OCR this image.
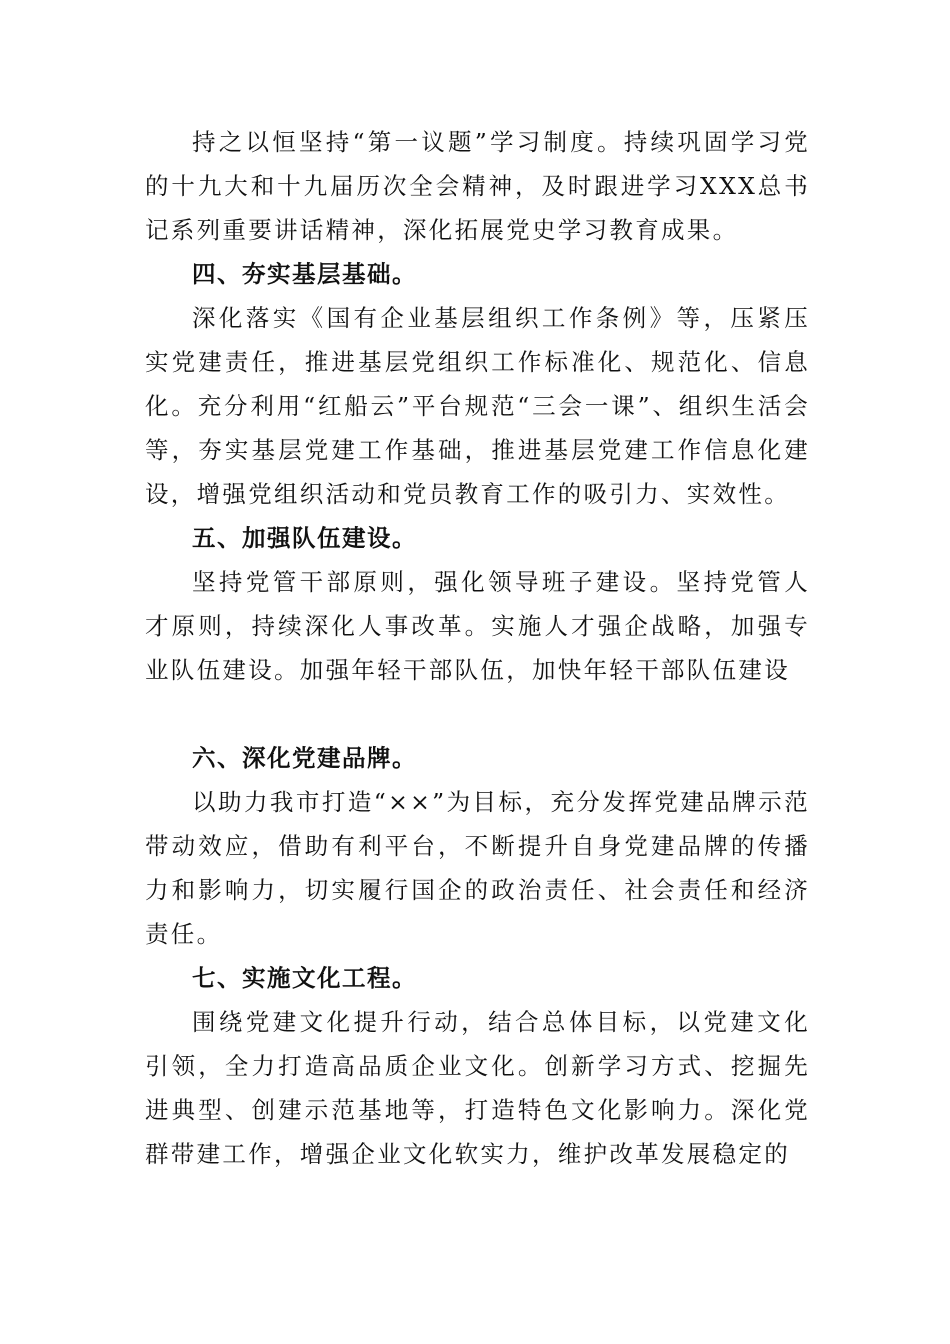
持之以恒坚持“第一议题”学习制度。持续巩固学习党的十九大和十九届历次全会精神，及时跟进学习XXX总书记系列重要讲话精神，深化拓展党史学习教育成果。

四、夯实基层基础。

深化落实《国有企业基层组织工作条例》等，压紧压实党建责任，推进基层党组织工作标准化、规范化、信息化。充分利用“红船云”平台规范“三会一课”、组织生活会等，夯实基层党建工作基础，推进基层党建工作信息化建设，增强党组织活动和党员教育工作的吸引力、实效性。

五、加强队伍建设。

坚持党管干部原则，强化领导班子建设。坚持党管人才原则，持续深化人事改革。实施人才强企战略，加强专业队伍建设。加强年轻干部队伍，加快年轻干部队伍建设

六、深化党建品牌。

以助力我市打造“××”为目标，充分发挥党建品牌示范带动效应，借助有利平台，不断提升自身党建品牌的传播力和影响力，切实履行国企的政治责任、社会责任和经济责任。

七、实施文化工程。

围绕党建文化提升行动，结合总体目标，以党建文化引领，全力打造高品质企业文化。创新学习方式、挖掘先进典型、创建示范基地等，打造特色文化影响力。深化党群带建工作，增强企业文化软实力，维护改革发展稳定的
